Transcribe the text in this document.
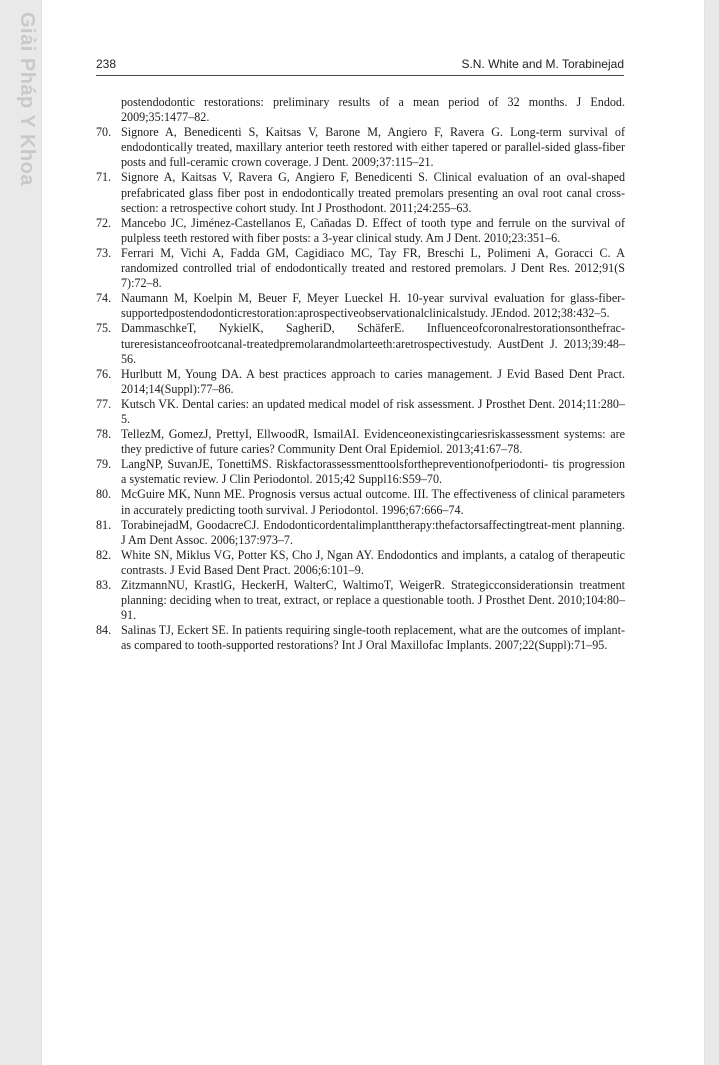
Giải Pháp Y Khoa	238	S.N. White and M. Torabinejad
postendodontic restorations: preliminary results of a mean period of 32 months. J Endod. 2009;35:1477–82.
70. Signore A, Benedicenti S, Kaitsas V, Barone M, Angiero F, Ravera G. Long-term survival of endodontically treated, maxillary anterior teeth restored with either tapered or parallel-sided glass-fiber posts and full-ceramic crown coverage. J Dent. 2009;37:115–21.
71. Signore A, Kaitsas V, Ravera G, Angiero F, Benedicenti S. Clinical evaluation of an oval-shaped prefabricated glass fiber post in endodontically treated premolars presenting an oval root canal cross-section: a retrospective cohort study. Int J Prosthodont. 2011;24:255–63.
72. Mancebo JC, Jiménez-Castellanos E, Cañadas D. Effect of tooth type and ferrule on the survival of pulpless teeth restored with fiber posts: a 3-year clinical study. Am J Dent. 2010;23:351–6.
73. Ferrari M, Vichi A, Fadda GM, Cagidiaco MC, Tay FR, Breschi L, Polimeni A, Goracci C. A randomized controlled trial of endodontically treated and restored premolars. J Dent Res. 2012;91(S 7):72–8.
74. Naumann M, Koelpin M, Beuer F, Meyer Lueckel H. 10-year survival evaluation for glass-fiber-supportedpostendodonticrestoration:aprospectiveobservationalclinicalstudy. JEndod. 2012;38:432–5.
75. DammaschkeT, NykielK, SagheriD, SchäferE. Influenceofcoronalrestorationsonthefrac-tureresistanceofrootcanal-treatedpremolarandmolarteeth:aretrospectivestudy. AustDent J. 2013;39:48–56.
76. Hurlbutt M, Young DA. A best practices approach to caries management. J Evid Based Dent Pract. 2014;14(Suppl):77–86.
77. Kutsch VK. Dental caries: an updated medical model of risk assessment. J Prosthet Dent. 2014;11:280–5.
78. TellezM, GomezJ, PrettyI, EllwoodR, IsmailAI. Evidenceonexistingcariesriskassessment systems: are they predictive of future caries? Community Dent Oral Epidemiol. 2013;41:67–78.
79. LangNP, SuvanJE, TonettiMS. Riskfactorassessmenttoolsforthepreventionofperiodonti- tis progression a systematic review. J Clin Periodontol. 2015;42 Suppl16:S59–70.
80. McGuire MK, Nunn ME. Prognosis versus actual outcome. III. The effectiveness of clinical parameters in accurately predicting tooth survival. J Periodontol. 1996;67:666–74.
81. TorabinejadM, GoodacreCJ. Endodonticordentalimplanttherapy:thefactorsaffectingtreat-ment planning. J Am Dent Assoc. 2006;137:973–7.
82. White SN, Miklus VG, Potter KS, Cho J, Ngan AY. Endodontics and implants, a catalog of therapeutic contrasts. J Evid Based Dent Pract. 2006;6:101–9.
83. ZitzmannNU, KrastlG, HeckerH, WalterC, WaltimoT, WeigerR. Strategicconsiderationsin treatment planning: deciding when to treat, extract, or replace a questionable tooth. J Prosthet Dent. 2010;104:80–91.
84. Salinas TJ, Eckert SE. In patients requiring single-tooth replacement, what are the outcomes of implant- as compared to tooth-supported restorations? Int J Oral Maxillofac Implants. 2007;22(Suppl):71–95.
